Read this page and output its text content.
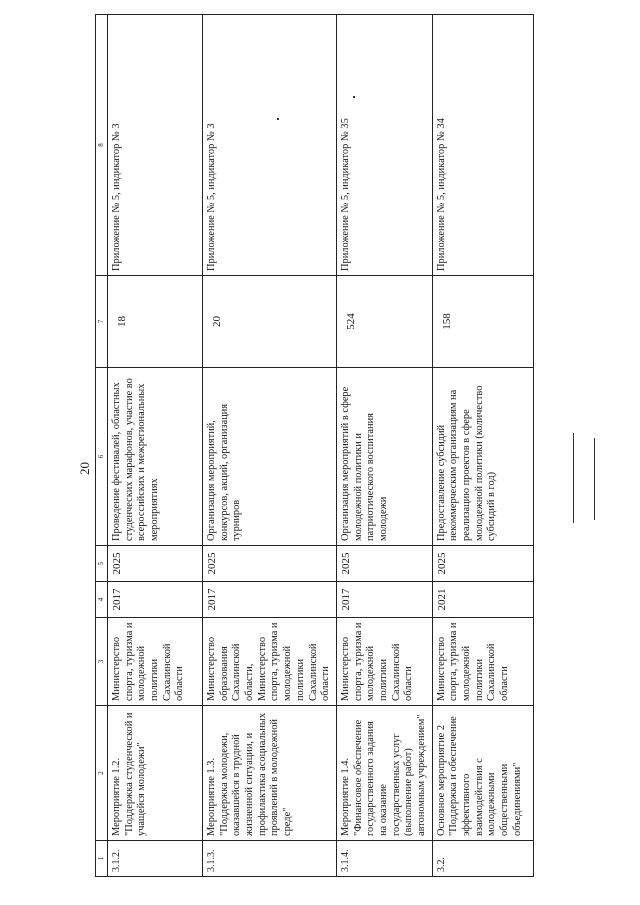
20
1	2	3	4	5	6	7	8
3.1.2.	Мероприятие 1.2. "Поддержка студенческой и учащейся молодежи"	Министерство спорта, туризма и молодежной политики Сахалинской области	2017	2025	Проведение фестивалей, областных студенческих марафонов, участие во всероссийских и межрегиональных мероприятиях	18	Приложение № 5, индикатор № 3
3.1.3.	Мероприятие 1.3. "Поддержка молодежи, оказавшейся в трудной жизненной ситуации, и профилактика асоциальных проявлений в молодежной среде"	Министерство образования Сахалинской области, Министерство спорта, туризма и молодежной политики Сахалинской области	2017	2025	Организация мероприятий, конкурсов, акций, организация турниров	20	Приложение № 5, индикатор № 3
3.1.4.	Мероприятие 1.4. "Финансовое обеспечение государственного задания на оказание государственных услуг (выполнение работ) автономным учреждением"	Министерство спорта, туризма и молодежной политики Сахалинской области	2017	2025	Организация мероприятий в сфере молодежной политики и патриотического воспитания молодежи	524	Приложение № 5, индикатор № 35
3.2.	Основное мероприятие 2 "Поддержка и обеспечение эффективного взаимодействия с молодежными общественными объединениями"	Министерство спорта, туризма и молодежной политики Сахалинской области	2021	2025	Предоставление субсидий некоммерческим организациям на реализацию проектов в сфере молодежной политики (количество субсидий в год)	158	Приложение № 5, индикатор № 34
